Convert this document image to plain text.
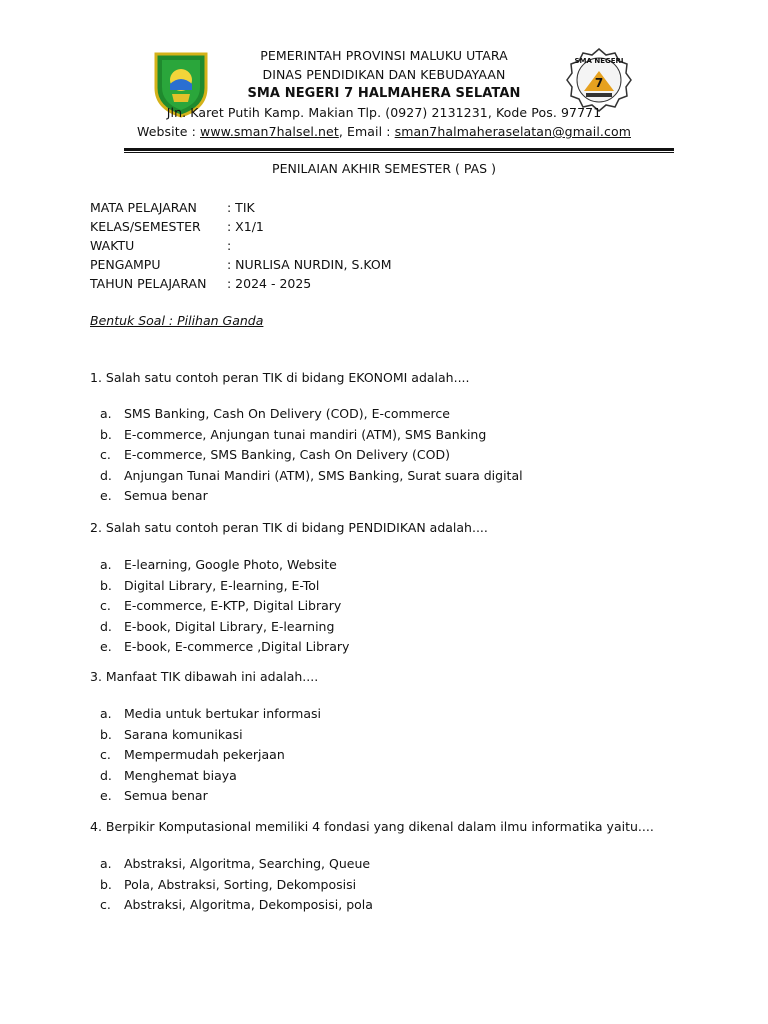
SMA NEGERI
7
PEMERINTAH PROVINSI MALUKU UTARA
DINAS PENDIDIKAN DAN KEBUDAYAAN
SMA NEGERI 7 HALMAHERA SELATAN
Jln. Karet Putih Kamp. Makian Tlp. (0927) 2131231, Kode Pos. 97771
Website : www.sman7halsel.net, Email : sman7halmaheraselatan@gmail.com
PENILAIAN AKHIR SEMESTER ( PAS )
MATA PELAJARAN	: TIK
KELAS/SEMESTER	: X1/1
WAKTU	:
PENGAMPU	: NURLISA NURDIN, S.KOM
TAHUN PELAJARAN	: 2024 - 2025
Bentuk Soal : Pilihan Ganda
1. Salah satu contoh peran TIK di bidang EKONOMI adalah....
a. SMS Banking, Cash On Delivery (COD), E-commerce
b. E-commerce, Anjungan tunai mandiri (ATM), SMS Banking
c.	E-commerce, SMS Banking, Cash On Delivery (COD)
d. Anjungan Tunai Mandiri (ATM), SMS Banking, Surat suara digital
e. Semua benar
2. Salah satu contoh peran TIK di bidang PENDIDIKAN adalah....
a. E-learning, Google Photo, Website
b. Digital Library, E-learning, E-Tol
c.	E-commerce, E-KTP, Digital Library
d. E-book, Digital Library, E-learning
e. E-book, E-commerce ,Digital Library
3. Manfaat TIK dibawah ini adalah....
a. Media untuk bertukar informasi
b. Sarana komunikasi
c.	Mempermudah pekerjaan
d. Menghemat biaya
e. Semua benar
4. Berpikir Komputasional memiliki 4 fondasi yang dikenal dalam ilmu informatika yaitu....
a. Abstraksi, Algoritma, Searching, Queue
b. Pola, Abstraksi, Sorting, Dekomposisi
c.	Abstraksi, Algoritma, Dekomposisi, pola
